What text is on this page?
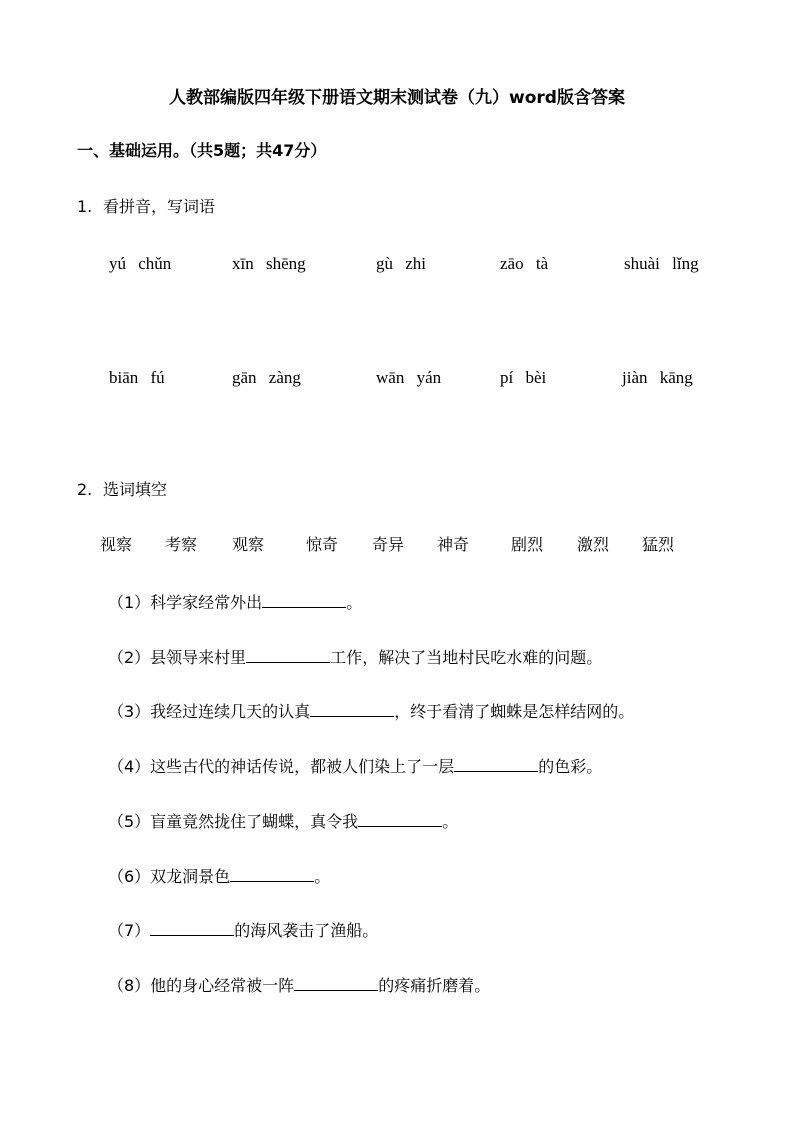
人教部编版四年级下册语文期末测试卷（九）word版含答案
一、基础运用。（共5题；共47分）
1. 看拼音，写词语
yú chǔn	xīn shēng	gù zhi	zāo tà	shuài lǐng
biān fú	gān zàng	wān yán	pí bèi	jiàn kāng
2. 选词填空
视察 考察 观察	惊奇 奇异 神奇	剧烈 激烈 猛烈
（1）科学家经常外出	。
（2）县领导来村里	工作，解决了当地村民吃水难的问题。
（3）我经过连续几天的认真	，终于看清了蜘蛛是怎样结网的。
（4）这些古代的神话传说，都被人们染上了一层	的色彩。
（5）盲童竟然拢住了蝴蝶，真令我	。
（6）双龙洞景色	。
（7）	的海风袭击了渔船。
（8）他的身心经常被一阵	的疼痛折磨着。
